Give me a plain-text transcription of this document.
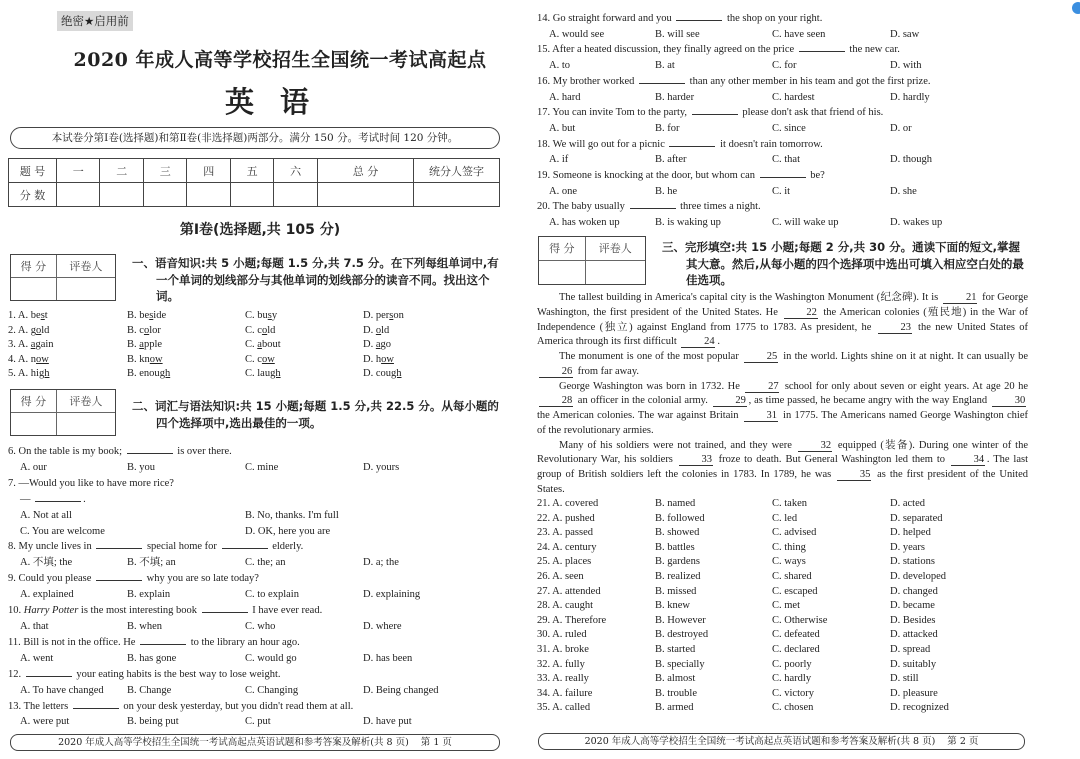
绝密★启用前
2020 年成人高等学校招生全国统一考试高起点
英语
本试卷分第Ⅰ卷(选择题)和第Ⅱ卷(非选择题)两部分。满分 150 分。考试时间 120 分钟。
题 号	一	二	三	四	五	六	总 分	统分人签字
分 数								
第Ⅰ卷(选择题,共 105 分)
得 分	评卷人	一、语音知识:共 5 小题;每题 1.5 分,共 7.5 分。在下列每组单词中,有一个单词的划线部分与其他单词的划线部分的读音不同。找出这个词。
1. A. best	B. beside	C. busy	D. person
2. A. gold	B. color	C. cold	D. old
3. A. again	B. apple	C. about	D. ago
4. A. now	B. know	C. cow	D. how
5. A. high	B. enough	C. laugh	D. cough
得 分	评卷人	二、词汇与语法知识:共 15 小题;每题 1.5 分,共 22.5 分。从每小题的四个选择项中,选出最佳的一项。
6. On the table is my book;	is over there.
A. our	B. you	C. mine	D. yours
7. —Would you like to have more rice?
—	.
A. Not at all	B. No, thanks. I'm full
C. You are welcome	D. OK, here you are
8. My uncle lives in	special home for	elderly.
A. 不填; the	B. 不填; an	C. the; an	D. a; the
9. Could you please	why you are so late today?
A. explained	B. explain	C. to explain	D. explaining
10. Harry Potter is the most interesting book	I have ever read.
A. that	B. when	C. who	D. where
11. Bill is not in the office. He	to the library an hour ago.
A. went	B. has gone	C. would go	D. has been
12.	your eating habits is the best way to lose weight.
A. To have changed	B. Change	C. Changing	D. Being changed
13. The letters	on your desk yesterday, but you didn't read them at all.
A. were put	B. being put	C. put	D. have put
2020 年成人高等学校招生全国统一考试高起点英语试题和参考答案及解析(共 8 页) 第 1 页
14. Go straight forward and you	the shop on your right.
A. would see	B. will see	C. have seen	D. saw
15. After a heated discussion, they finally agreed on the price	the new car.
A. to	B. at	C. for	D. with
16. My brother worked	than any other member in his team and got the first prize.
A. hard	B. harder	C. hardest	D. hardly
17. You can invite Tom to the party,	please don't ask that friend of his.
A. but	B. for	C. since	D. or
18. We will go out for a picnic	it doesn't rain tomorrow.
A. if	B. after	C. that	D. though
19. Someone is knocking at the door, but whom can	be?
A. one	B. he	C. it	D. she
20. The baby usually	three times a night.
A. has woken up	B. is waking up	C. will wake up	D. wakes up
得 分	评卷人	三、完形填空:共 15 小题;每题 2 分,共 30 分。通读下面的短文,掌握其大意。然后,从每小题的四个选择项中选出可填入相应空白处的最佳选项。

The tallest building in America's capital city is the Washington Monument (纪念碑). It is 21 for George Washington, the first president of the United States. He 22 the American colonies (殖民地) in the War of Independence (独立) against England from 1775 to 1783. As president, he 23 the new United States of America through its first difficult 24 .

The monument is one of the most popular 25 in the world. Lights shine on it at night. It can usually be 26 from far away.

George Washington was born in 1732. He 27 school for only about seven or eight years. At age 20 he 28 an officer in the colonial army. 29 , as time passed, he became angry with the way England 30 the American colonies. The war against Britain 31 in 1775. The Americans named George Washington chief of the revolutionary armies.

Many of his soldiers were not trained, and they were 32 equipped (装备). During one winter of the Revolutionary War, his soldiers 33 froze to death. But General Washington led them to 34 . The last group of British soldiers left the colonies in 1783. In 1789, he was 35 as the first president of the United States.

21. A. covered	B. named	C. taken	D. acted
22. A. pushed	B. followed	C. led	D. separated
23. A. passed	B. showed	C. advised	D. helped
24. A. century	B. battles	C. thing	D. years
25. A. places	B. gardens	C. ways	D. stations
26. A. seen	B. realized	C. shared	D. developed
27. A. attended	B. missed	C. escaped	D. changed
28. A. caught	B. knew	C. met	D. became
29. A. Therefore	B. However	C. Otherwise	D. Besides
30. A. ruled	B. destroyed	C. defeated	D. attacked
31. A. broke	B. started	C. declared	D. spread
32. A. fully	B. specially	C. poorly	D. suitably
33. A. really	B. almost	C. hardly	D. still
34. A. failure	B. trouble	C. victory	D. pleasure
35. A. called	B. armed	C. chosen	D. recognized
2020 年成人高等学校招生全国统一考试高起点英语试题和参考答案及解析(共 8 页) 第 2 页
